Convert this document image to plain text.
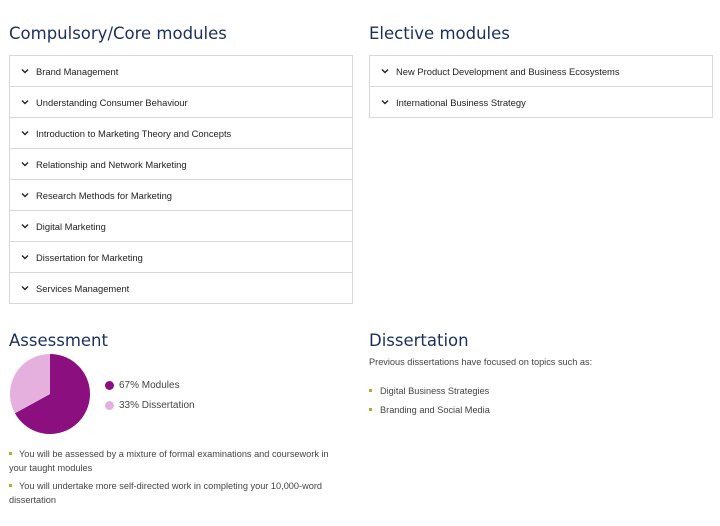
Compulsory/Core modules
Brand Management
Understanding Consumer Behaviour
Introduction to Marketing Theory and Concepts
Relationship and Network Marketing
Research Methods for Marketing
Digital Marketing
Dissertation for Marketing
Services Management
Elective modules
New Product Development and Business Ecosystems
International Business Strategy
Assessment
67% Modules
33% Dissertation
You will be assessed by a mixture of formal examinations and coursework in your taught modules
You will undertake more self-directed work in completing your 10,000-word dissertation
Dissertation
Previous dissertations have focused on topics such as:
Digital Business Strategies
Branding and Social Media
